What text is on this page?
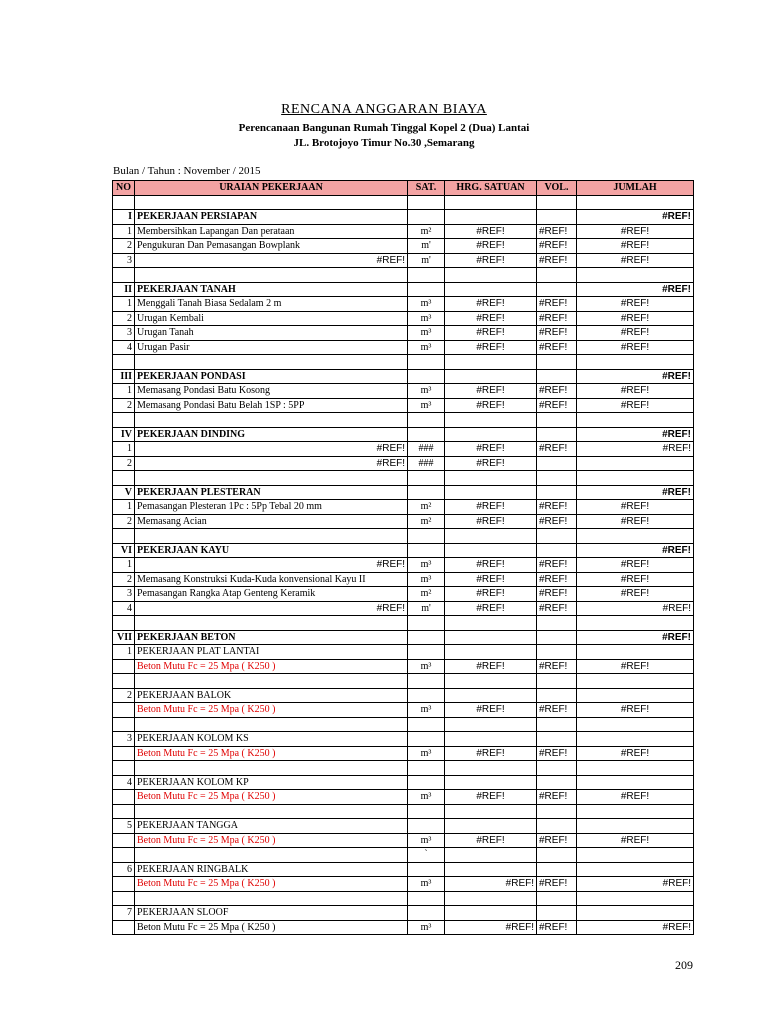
RENCANA ANGGARAN BIAYA
Perencanaan Bangunan Rumah Tinggal Kopel 2 (Dua) Lantai
JL. Brotojoyo Timur No.30 ,Semarang
Bulan / Tahun : November / 2015
NO	URAIAN PEKERJAAN	SAT.	HRG. SATUAN	VOL.	JUMLAH

I	PEKERJAAN PERSIAPAN				#REF!
1	Membersihkan Lapangan Dan perataan	m²	#REF!	#REF!	#REF!
2	Pengukuran Dan Pemasangan Bowplank	m'	#REF!	#REF!	#REF!
3	#REF!	m'	#REF!	#REF!	#REF!

II	PEKERJAAN TANAH				#REF!
1	Menggali Tanah Biasa Sedalam 2 m	m³	#REF!	#REF!	#REF!
2	Urugan Kembali	m³	#REF!	#REF!	#REF!
3	Urugan Tanah	m³	#REF!	#REF!	#REF!
4	Urugan Pasir	m³	#REF!	#REF!	#REF!

III	PEKERJAAN PONDASI				#REF!
1	Memasang Pondasi Batu Kosong	m³	#REF!	#REF!	#REF!
2	Memasang Pondasi Batu Belah 1SP : 5PP	m³	#REF!	#REF!	#REF!

IV	PEKERJAAN DINDING				#REF!
1	#REF!	###	#REF!	#REF!	#REF!
2	#REF!	###	#REF!		

V	PEKERJAAN PLESTERAN				#REF!
1	Pemasangan Plesteran 1Pc : 5Pp Tebal 20 mm	m²	#REF!	#REF!	#REF!
2	Memasang Acian	m²	#REF!	#REF!	#REF!

VI	PEKERJAAN KAYU				#REF!
1	#REF!	m³	#REF!	#REF!	#REF!
2	Memasang Konstruksi Kuda-Kuda konvensional Kayu II	m³	#REF!	#REF!	#REF!
3	Pemasangan Rangka Atap Genteng Keramik	m²	#REF!	#REF!	#REF!
4	#REF!	m'	#REF!	#REF!	#REF!

VII	PEKERJAAN BETON				#REF!
1	PEKERJAAN PLAT LANTAI				
	Beton Mutu Fc = 25 Mpa ( K250 )	m³	#REF!	#REF!	#REF!

2	PEKERJAAN BALOK				
	Beton Mutu Fc = 25 Mpa ( K250 )	m³	#REF!	#REF!	#REF!

3	PEKERJAAN KOLOM KS				
	Beton Mutu Fc = 25 Mpa ( K250 )	m³	#REF!	#REF!	#REF!

4	PEKERJAAN KOLOM KP				
	Beton Mutu Fc = 25 Mpa ( K250 )	m³	#REF!	#REF!	#REF!

5	PEKERJAAN TANGGA				
	Beton Mutu Fc = 25 Mpa ( K250 )	m³	#REF!	#REF!	#REF!
		`			
6	PEKERJAAN RINGBALK				
	Beton Mutu Fc = 25 Mpa ( K250 )	m³	#REF!	#REF!	#REF!

7	PEKERJAAN SLOOF				
	Beton Mutu Fc = 25 Mpa ( K250 )	m³	#REF!	#REF!	#REF!
209
